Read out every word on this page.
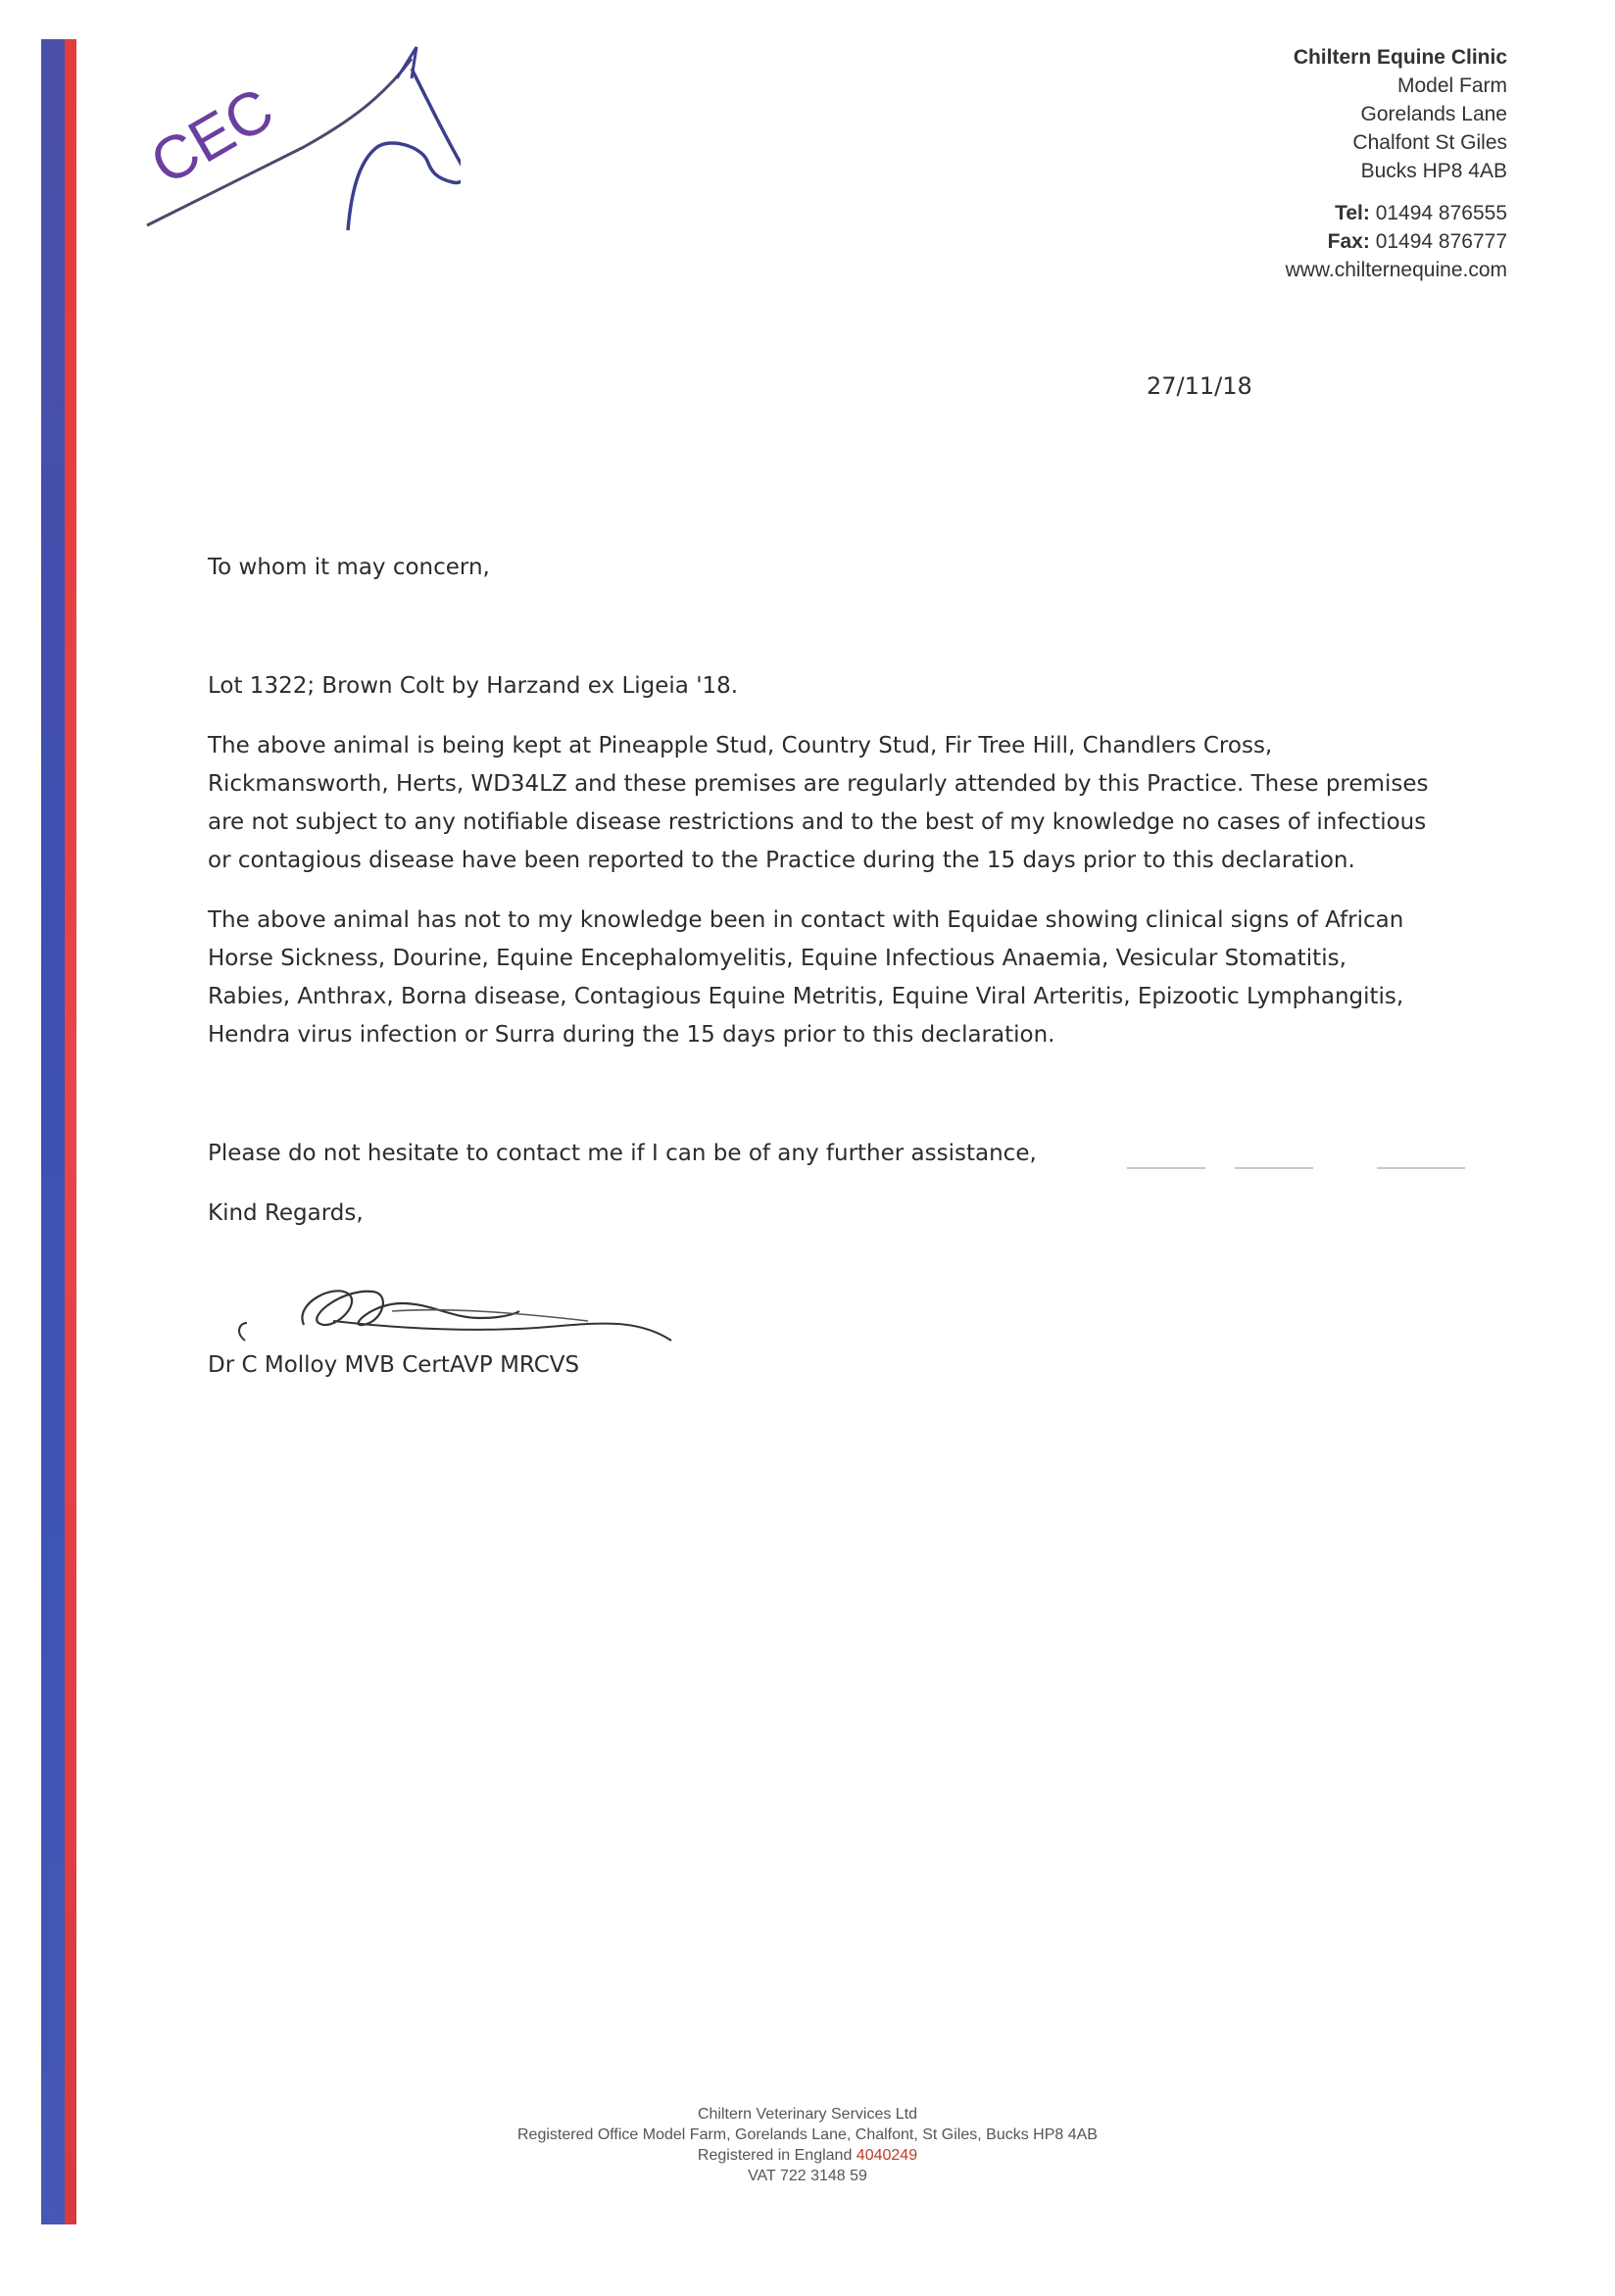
CEC
Chiltern Equine Clinic
Model Farm
Gorelands Lane
Chalfont St Giles
Bucks HP8 4AB
Tel: 01494 876555
Fax: 01494 876777
www.chilternequine.com
27/11/18

To whom it may concern,

Lot 1322; Brown Colt by Harzand ex Ligeia '18.

The above animal is being kept at Pineapple Stud, Country Stud, Fir Tree Hill, Chandlers Cross, Rickmansworth, Herts, WD34LZ and these premises are regularly attended by this Practice. These premises are not subject to any notifiable disease restrictions and to the best of my knowledge no cases of infectious or contagious disease have been reported to the Practice during the 15 days prior to this declaration.

The above animal has not to my knowledge been in contact with Equidae showing clinical signs of African Horse Sickness, Dourine, Equine Encephalomyelitis, Equine Infectious Anaemia, Vesicular Stomatitis, Rabies, Anthrax, Borna disease, Contagious Equine Metritis, Equine Viral Arteritis, Epizootic Lymphangitis, Hendra virus infection or Surra during the 15 days prior to this declaration.

Please do not hesitate to contact me if I can be of any further assistance,

Kind Regards,

Dr C Molloy MVB CertAVP MRCVS
Chiltern Veterinary Services Ltd
Registered Office Model Farm, Gorelands Lane, Chalfont, St Giles, Bucks HP8 4AB
Registered in England 4040249
VAT 722 3148 59
